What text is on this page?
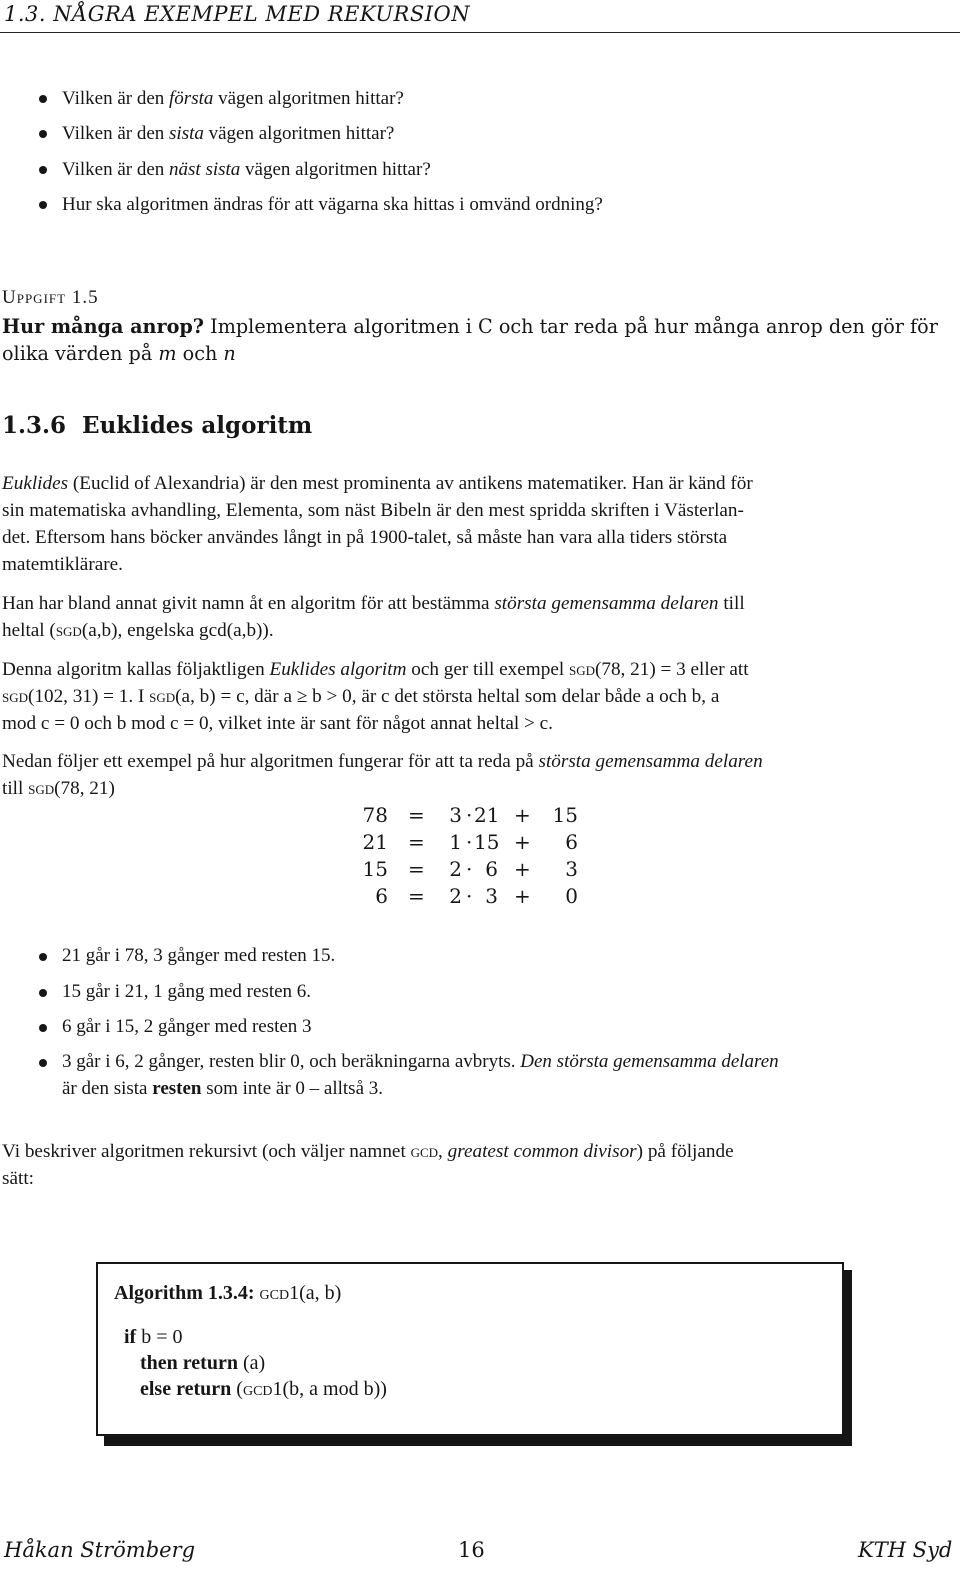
1.3. NÅGRA EXEMPEL MED REKURSION
Vilken är den första vägen algoritmen hittar?
Vilken är den sista vägen algoritmen hittar?
Vilken är den näst sista vägen algoritmen hittar?
Hur ska algoritmen ändras för att vägarna ska hittas i omvänd ordning?
Uppgift 1.5

Hur många anrop? Implementera algoritmen i C och tar reda på hur många anrop den gör för

olika värden på m och n

1.3.6 Euklides algoritm

Euklides (Euclid of Alexandria) är den mest prominenta av antikens matematiker. Han är känd för

sin matematiska avhandling, Elementa, som näst Bibeln är den mest spridda skriften i Västerlan-

det. Eftersom hans böcker användes långt in på 1900-talet, så måste han vara alla tiders största

matemtiklärare.

Han har bland annat givit namn åt en algoritm för att bestämma största gemensamma delaren till

heltal (sgd(a,b), engelska gcd(a,b)).

Denna algoritm kallas följaktligen Euklides algoritm och ger till exempel sgd(78, 21) = 3 eller att

sgd(102, 31) = 1. I sgd(a, b) = c, där a ≥ b > 0, är c det största heltal som delar både a och b, a

mod c = 0 och b mod c = 0, vilket inte är sant för något annat heltal > c.

Nedan följer ett exempel på hur algoritmen fungerar för att ta reda på största gemensamma delaren

till sgd(78, 21)

78 = 3 · 21 + 15
21 = 1 · 15 +	6
15 = 2 · 6 +	3
6 = 2 · 3 +	0
21 går i 78, 3 gånger med resten 15.
15 går i 21, 1 gång med resten 6.
6 går i 15, 2 gånger med resten 3
3 går i 6, 2 gånger, resten blir 0, och beräkningarna avbryts. Den största gemensamma delaren
är den sista resten som inte är 0 – alltså 3.

Vi beskriver algoritmen rekursivt (och väljer namnet gcd, greatest common divisor) på följande

sätt:

Algorithm 1.3.4: gcd1(a, b)
if b = 0
then return (a)
else return (gcd1(b, a mod b))
Håkan Strömberg	16	KTH Syd
